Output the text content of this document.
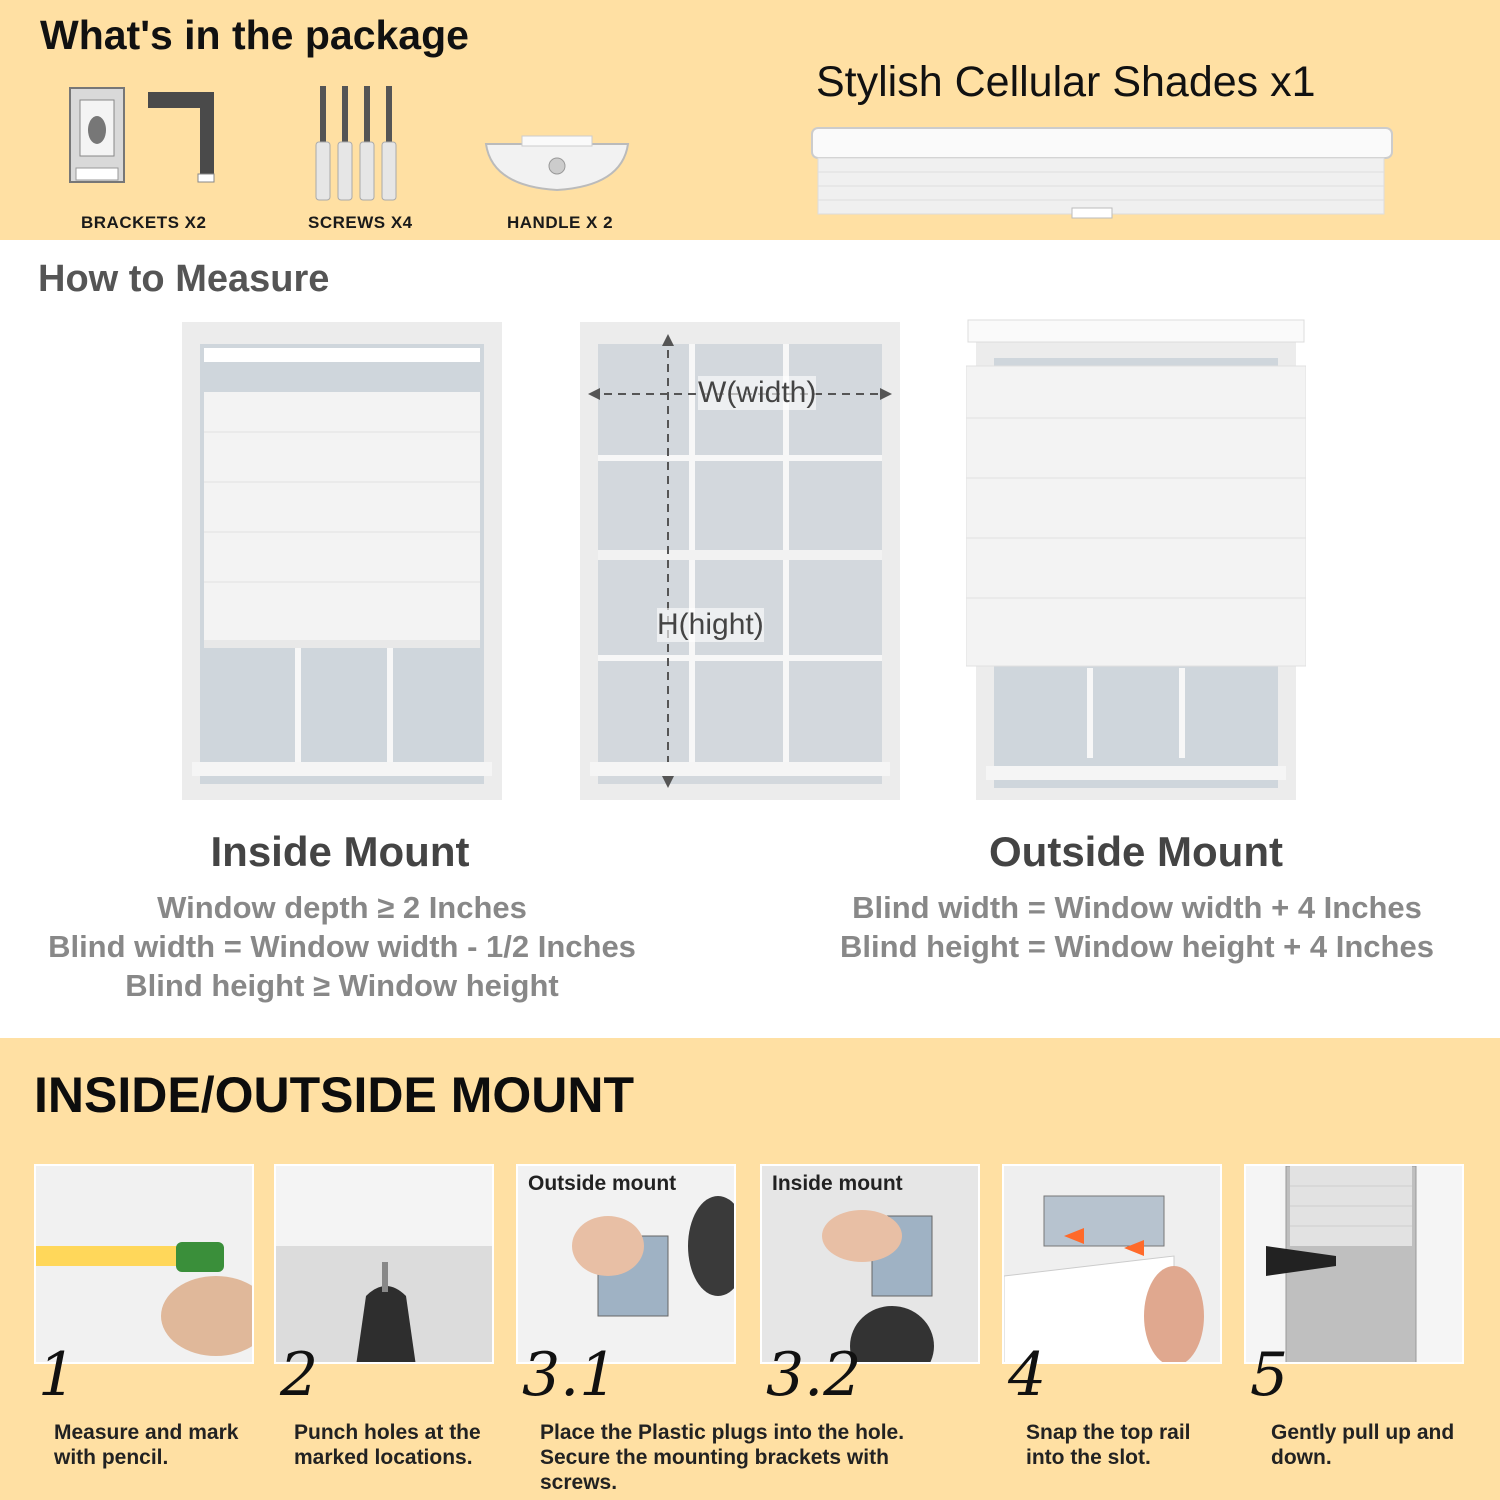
What's in the package
Stylish Cellular Shades x1
BRACKETS X2	SCREWS X4	HANDLE X 2
How to Measure
W(width)
H(hight)
Inside Mount
Window depth ≥ 2 Inches
Blind width = Window width - 1/2 Inches
Blind height ≥ Window height
Outside Mount
Blind width = Window width + 4 Inches
Blind height = Window height + 4 Inches
INSIDE/OUTSIDE MOUNT
1
Measure and mark
with pencil.
2
Punch holes at the
marked locations.
Outside mount
3.1
Place the Plastic plugs into the hole.
Secure the mounting brackets with
screws.
Inside mount
3.2 4
Snap the top rail
into the slot.
5
Gently pull up and
down.
